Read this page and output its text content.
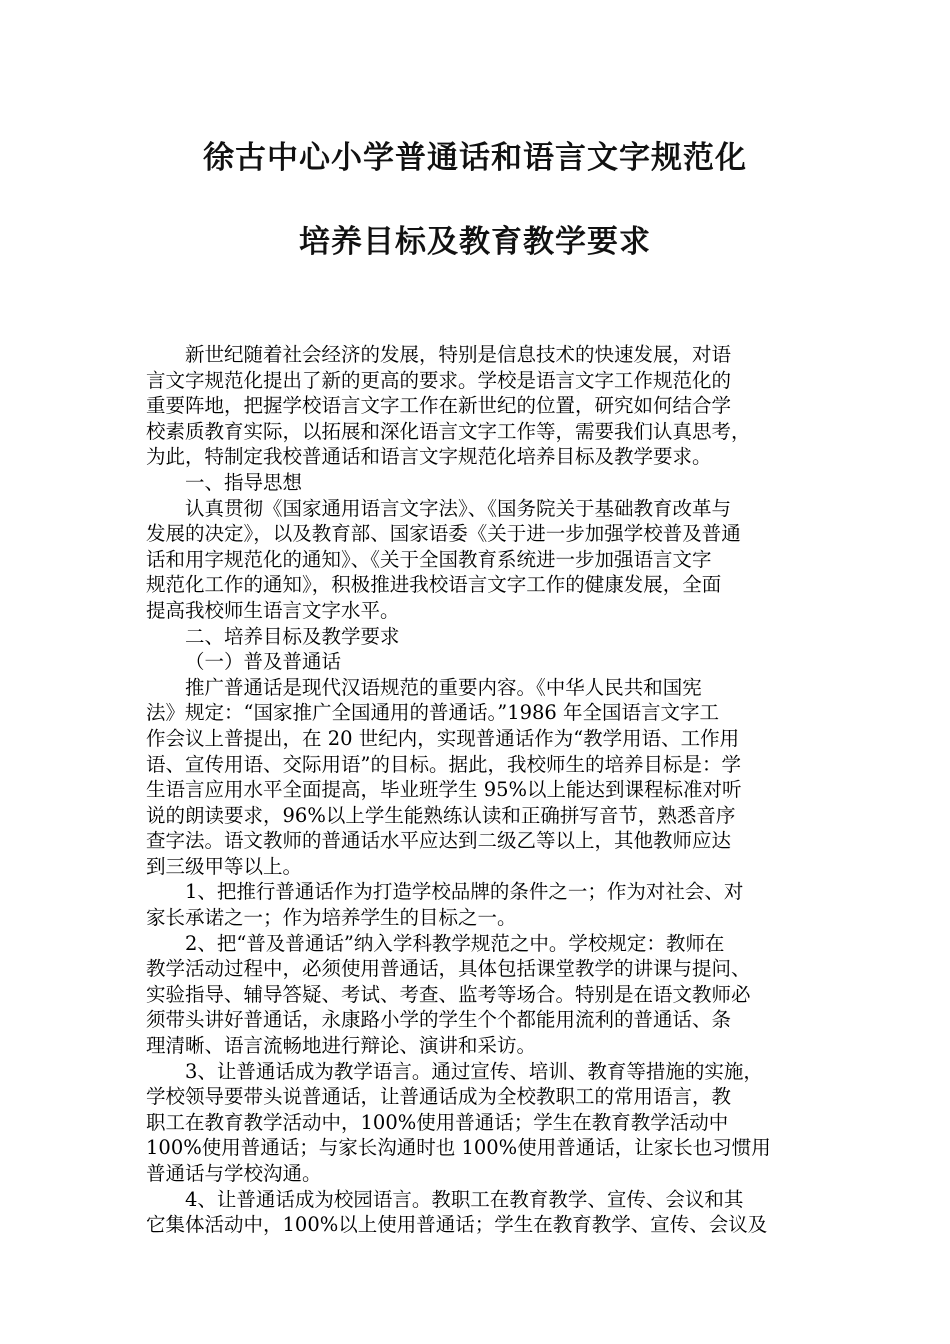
徐古中心小学普通话和语言文字规范化
培养目标及教育教学要求
新世纪随着社会经济的发展，特别是信息技术的快速发展，对语
言文字规范化提出了新的更高的要求。学校是语言文字工作规范化的
重要阵地，把握学校语言文字工作在新世纪的位置，研究如何结合学
校素质教育实际，以拓展和深化语言文字工作等，需要我们认真思考，
为此，特制定我校普通话和语言文字规范化培养目标及教学要求。
一、指导思想
认真贯彻《国家通用语言文字法》、《国务院关于基础教育改革与
发展的决定》，以及教育部、国家语委《关于进一步加强学校普及普通
话和用字规范化的通知》、《关于全国教育系统进一步加强语言文字
规范化工作的通知》，积极推进我校语言文字工作的健康发展，全面
提高我校师生语言文字水平。
二、培养目标及教学要求
（一）普及普通话
推广普通话是现代汉语规范的重要内容。《中华人民共和国宪
法》规定：“国家推广全国通用的普通话。”1986 年全国语言文字工
作会议上普提出，在 20 世纪内，实现普通话作为“教学用语、工作用
语、宣传用语、交际用语”的目标。据此，我校师生的培养目标是：学
生语言应用水平全面提高，毕业班学生 95%以上能达到课程标准对听
说的朗读要求，96%以上学生能熟练认读和正确拼写音节，熟悉音序
查字法。语文教师的普通话水平应达到二级乙等以上，其他教师应达
到三级甲等以上。
1、把推行普通话作为打造学校品牌的条件之一；作为对社会、对
家长承诺之一；作为培养学生的目标之一。
2、把“普及普通话”纳入学科教学规范之中。学校规定：教师在
教学活动过程中，必须使用普通话，具体包括课堂教学的讲课与提问、
实验指导、辅导答疑、考试、考查、监考等场合。特别是在语文教师必
须带头讲好普通话，永康路小学的学生个个都能用流利的普通话、条
理清晰、语言流畅地进行辩论、演讲和采访。
3、让普通话成为教学语言。通过宣传、培训、教育等措施的实施，
学校领导要带头说普通话，让普通话成为全校教职工的常用语言，教
职工在教育教学活动中，100%使用普通话；学生在教育教学活动中
100%使用普通话；与家长沟通时也 100%使用普通话，让家长也习惯用
普通话与学校沟通。
4、让普通话成为校园语言。教职工在教育教学、宣传、会议和其
它集体活动中，100%以上使用普通话；学生在教育教学、宣传、会议及
